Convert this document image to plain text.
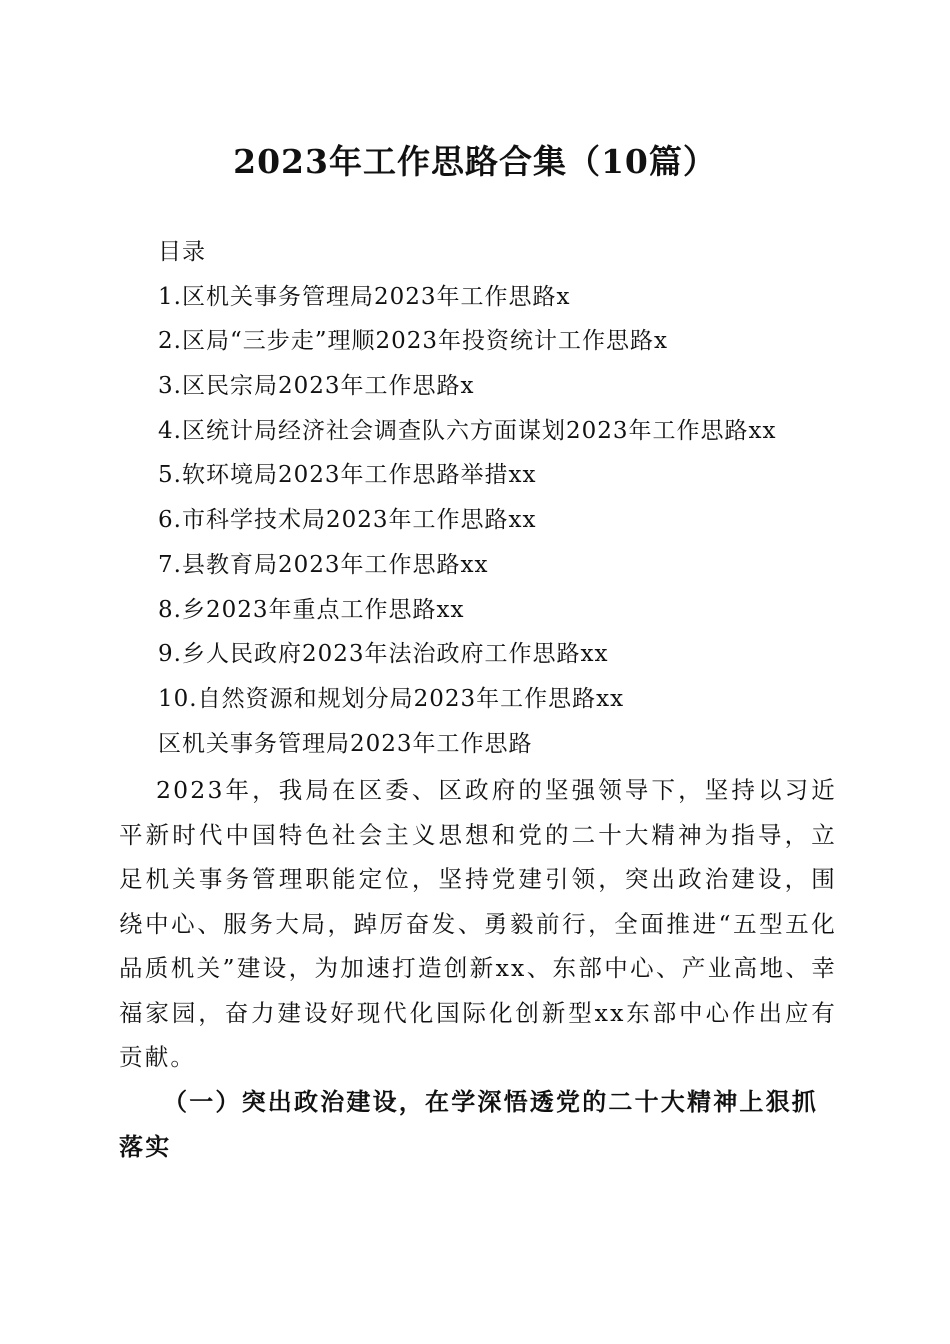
2023年工作思路合集（10篇）
目录
1.区机关事务管理局2023年工作思路x
2.区局“三步走”理顺2023年投资统计工作思路x
3.区民宗局2023年工作思路x
4.区统计局经济社会调查队六方面谋划2023年工作思路xx
5.软环境局2023年工作思路举措xx
6.市科学技术局2023年工作思路xx
7.县教育局2023年工作思路xx
8.乡2023年重点工作思路xx
9.乡人民政府2023年法治政府工作思路xx
10.自然资源和规划分局2023年工作思路xx
区机关事务管理局2023年工作思路

2023年，我局在区委、区政府的坚强领导下，坚持以习近平新时代中国特色社会主义思想和党的二十大精神为指导，立足机关事务管理职能定位，坚持党建引领，突出政治建设，围绕中心、服务大局，踔厉奋发、勇毅前行，全面推进“五型五化品质机关”建设，为加速打造创新xx、东部中心、产业高地、幸福家园，奋力建设好现代化国际化创新型xx东部中心作出应有贡献。

（一）突出政治建设，在学深悟透党的二十大精神上狠抓落实
